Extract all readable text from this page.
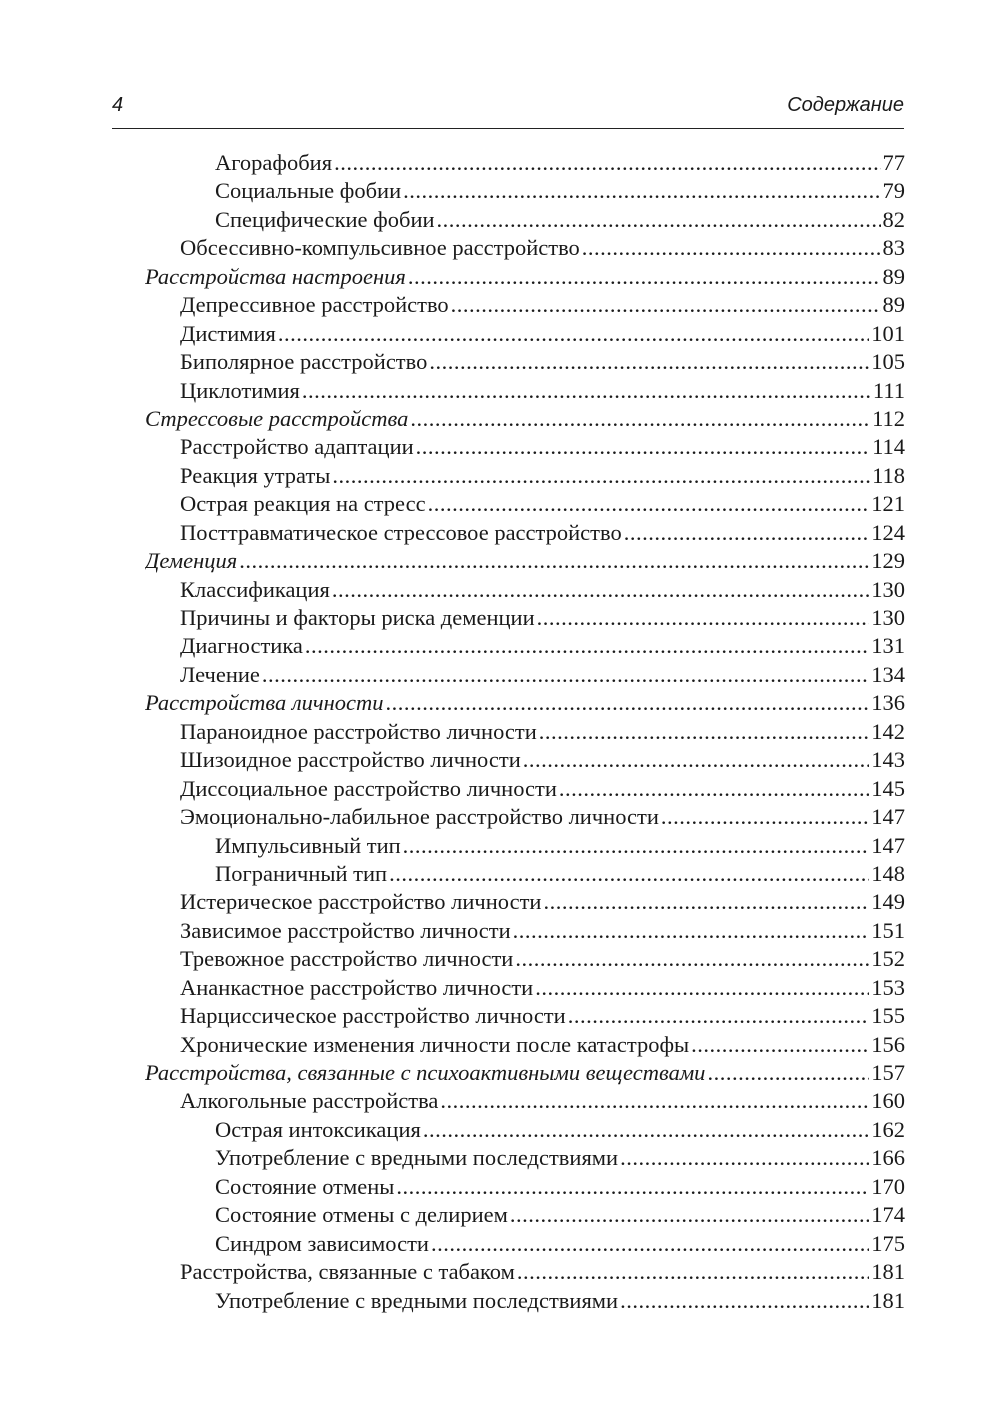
4	Содержание
Агорафобия .....	77
Социальные фобии .....	79
Специфические фобии .....	82
Обсессивно-компульсивное расстройство .....	83
Расстройства настроения .....	89
Депрессивное расстройство .....	89
Дистимия .....	101
Биполярное расстройство .....	105
Циклотимия .....	111
Стрессовые расстройства .....	112
Расстройство адаптации .....	114
Реакция утраты .....	118
Острая реакция на стресс .....	121
Посттравматическое стрессовое расстройство .....	124
Деменция .....	129
Классификация .....	130
Причины и факторы риска деменции .....	130
Диагностика .....	131
Лечение .....	134
Расстройства личности .....	136
Параноидное расстройство личности .....	142
Шизоидное расстройство личности .....	143
Диссоциальное расстройство личности .....	145
Эмоционально-лабильное расстройство личности .....	147
Импульсивный тип .....	147
Пограничный тип .....	148
Истерическое расстройство личности .....	149
Зависимое расстройство личности .....	151
Тревожное расстройство личности .....	152
Ананкастное расстройство личности .....	153
Нарциссическое расстройство личности .....	155
Хронические изменения личности после катастрофы .....	156
Расстройства, связанные с психоактивными веществами .....	157
Алкогольные расстройства .....	160
Острая интоксикация .....	162
Употребление с вредными последствиями .....	166
Состояние отмены .....	170
Состояние отмены с делирием .....	174
Синдром зависимости .....	175
Расстройства, связанные с табаком .....	181
Употребление с вредными последствиями .....	181
